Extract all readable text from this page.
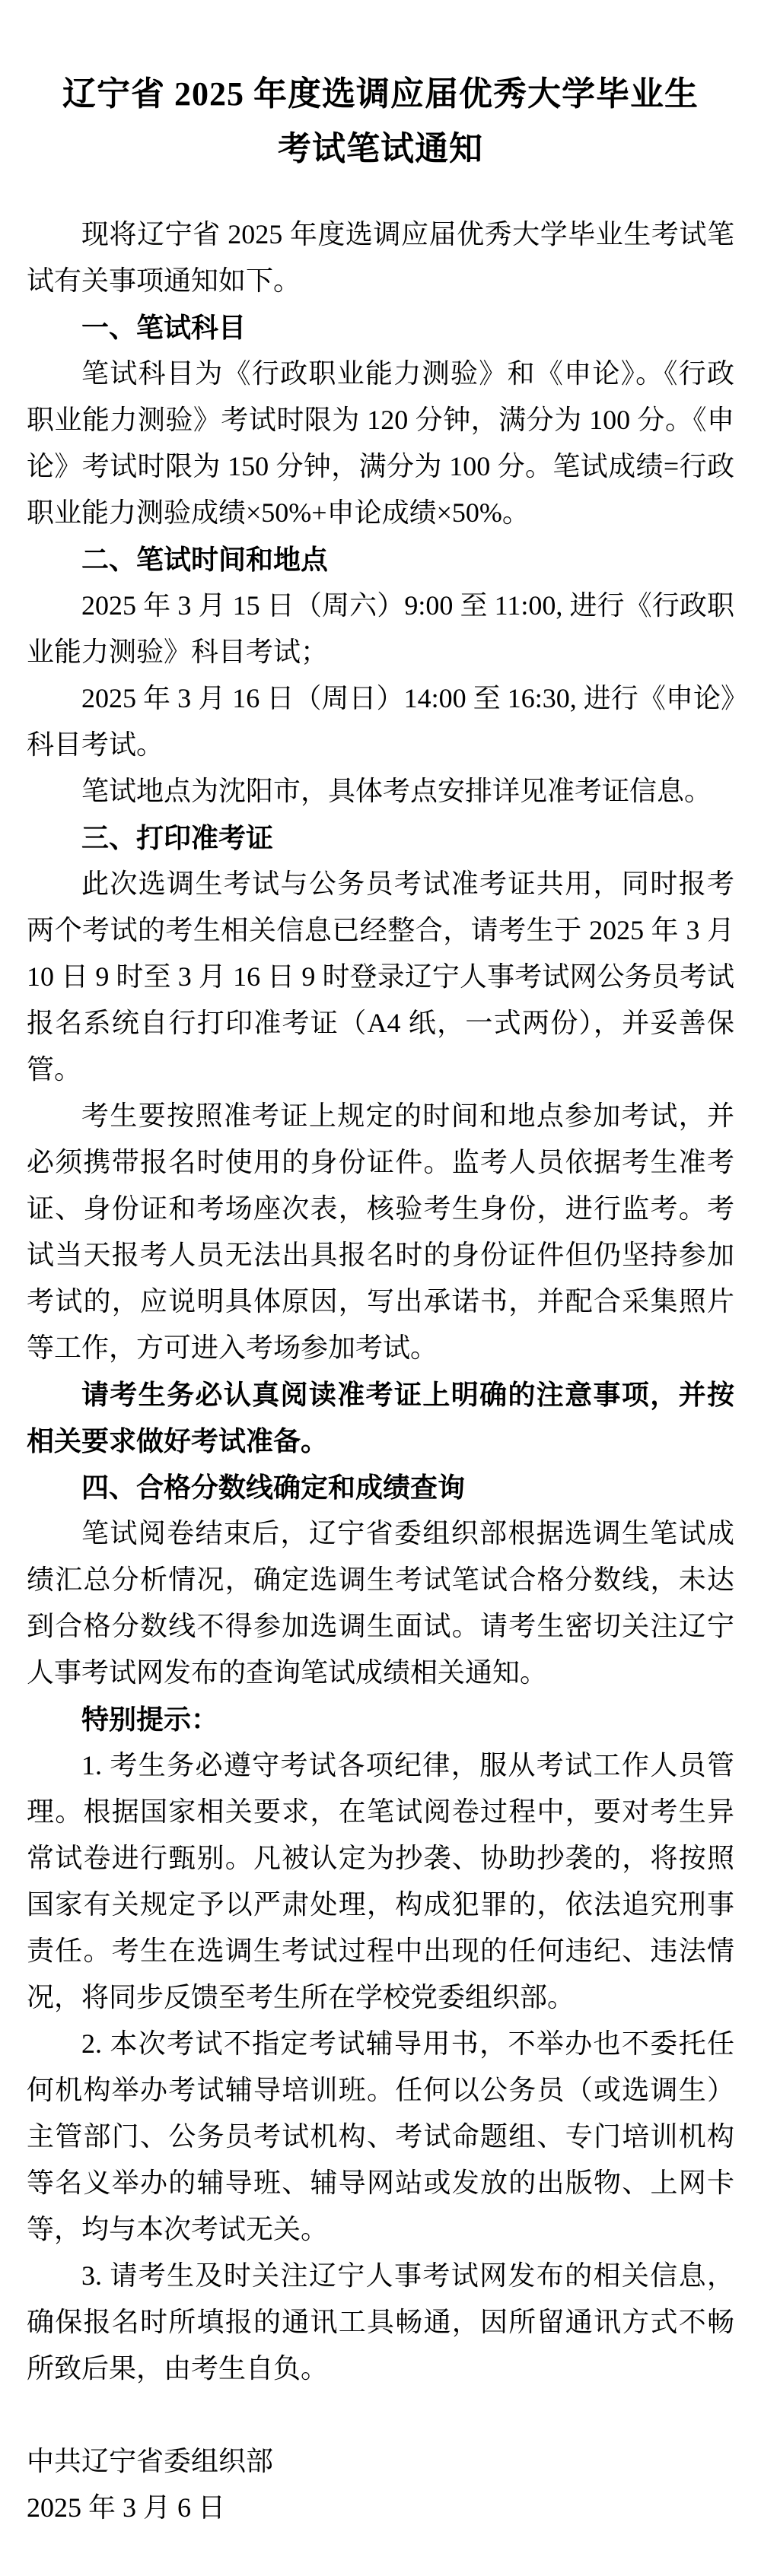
辽宁省 2025 年度选调应届优秀大学毕业生
考试笔试通知

现将辽宁省 2025 年度选调应届优秀大学毕业生考试笔试有关事项通知如下。

一、笔试科目

笔试科目为《行政职业能力测验》和《申论》。《行政职业能力测验》考试时限为 120 分钟，满分为 100 分。《申论》考试时限为 150 分钟，满分为 100 分。笔试成绩=行政职业能力测验成绩×50%+申论成绩×50%。

二、笔试时间和地点

2025 年 3 月 15 日（周六）9:00 至 11:00, 进行《行政职业能力测验》科目考试；

2025 年 3 月 16 日（周日）14:00 至 16:30, 进行《申论》科目考试。

笔试地点为沈阳市，具体考点安排详见准考证信息。

三、打印准考证

此次选调生考试与公务员考试准考证共用，同时报考两个考试的考生相关信息已经整合，请考生于 2025 年 3 月 10 日 9 时至 3 月 16 日 9 时登录辽宁人事考试网公务员考试报名系统自行打印准考证（A4 纸，一式两份），并妥善保管。

考生要按照准考证上规定的时间和地点参加考试，并必须携带报名时使用的身份证件。监考人员依据考生准考证、身份证和考场座次表，核验考生身份，进行监考。考试当天报考人员无法出具报名时的身份证件但仍坚持参加考试的，应说明具体原因，写出承诺书，并配合采集照片等工作，方可进入考场参加考试。

请考生务必认真阅读准考证上明确的注意事项，并按相关要求做好考试准备。

四、合格分数线确定和成绩查询

笔试阅卷结束后，辽宁省委组织部根据选调生笔试成绩汇总分析情况，确定选调生考试笔试合格分数线，未达到合格分数线不得参加选调生面试。请考生密切关注辽宁人事考试网发布的查询笔试成绩相关通知。

特别提示：

1. 考生务必遵守考试各项纪律，服从考试工作人员管理。根据国家相关要求，在笔试阅卷过程中，要对考生异常试卷进行甄别。凡被认定为抄袭、协助抄袭的，将按照国家有关规定予以严肃处理，构成犯罪的，依法追究刑事责任。考生在选调生考试过程中出现的任何违纪、违法情况，将同步反馈至考生所在学校党委组织部。

2. 本次考试不指定考试辅导用书，不举办也不委托任何机构举办考试辅导培训班。任何以公务员（或选调生）主管部门、公务员考试机构、考试命题组、专门培训机构等名义举办的辅导班、辅导网站或发放的出版物、上网卡等，均与本次考试无关。

3. 请考生及时关注辽宁人事考试网发布的相关信息，确保报名时所填报的通讯工具畅通，因所留通讯方式不畅所致后果，由考生自负。

中共辽宁省委组织部

2025 年 3 月 6 日
